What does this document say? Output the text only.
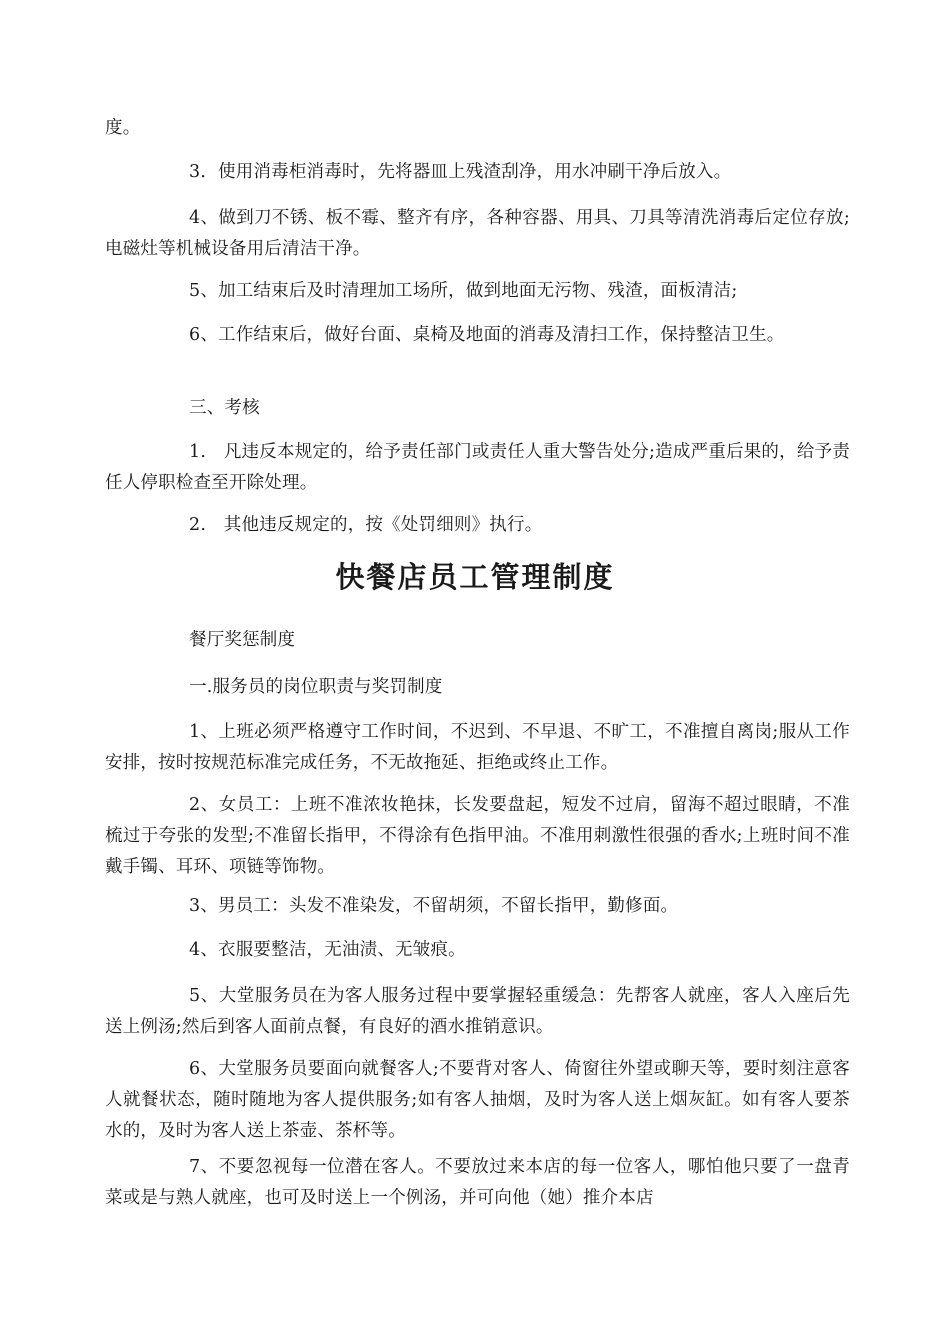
度。

3．使用消毒柜消毒时，先将器皿上残渣刮净，用水冲刷干净后放入。

4、做到刀不锈、板不霉、整齐有序，各种容器、用具、刀具等清洗消毒后定位存放;电磁灶等机械设备用后清洁干净。

5、加工结束后及时清理加工场所，做到地面无污物、残渣，面板清洁;

6、工作结束后，做好台面、桌椅及地面的消毒及清扫工作，保持整洁卫生。

三、考核

1.　凡违反本规定的，给予责任部门或责任人重大警告处分;造成严重后果的，给予责任人停职检查至开除处理。

2.　其他违反规定的，按《处罚细则》执行。

快餐店员工管理制度

餐厅奖惩制度

一.服务员的岗位职责与奖罚制度

1、上班必须严格遵守工作时间，不迟到、不早退、不旷工，不准擅自离岗;服从工作安排，按时按规范标准完成任务，不无故拖延、拒绝或终止工作。

2、女员工：上班不准浓妆艳抹，长发要盘起，短发不过肩，留海不超过眼睛，不准梳过于夸张的发型;不准留长指甲，不得涂有色指甲油。不准用刺激性很强的香水;上班时间不准戴手镯、耳环、项链等饰物。

3、男员工：头发不准染发，不留胡须，不留长指甲，勤修面。

4、衣服要整洁，无油渍、无皱痕。

5、大堂服务员在为客人服务过程中要掌握轻重缓急：先帮客人就座，客人入座后先送上例汤;然后到客人面前点餐，有良好的酒水推销意识。

6、大堂服务员要面向就餐客人;不要背对客人、倚窗往外望或聊天等，要时刻注意客人就餐状态，随时随地为客人提供服务;如有客人抽烟，及时为客人送上烟灰缸。如有客人要茶水的，及时为客人送上茶壶、茶杯等。

7、不要忽视每一位潜在客人。不要放过来本店的每一位客人，哪怕他只要了一盘青菜或是与熟人就座，也可及时送上一个例汤，并可向他（她）推介本店
